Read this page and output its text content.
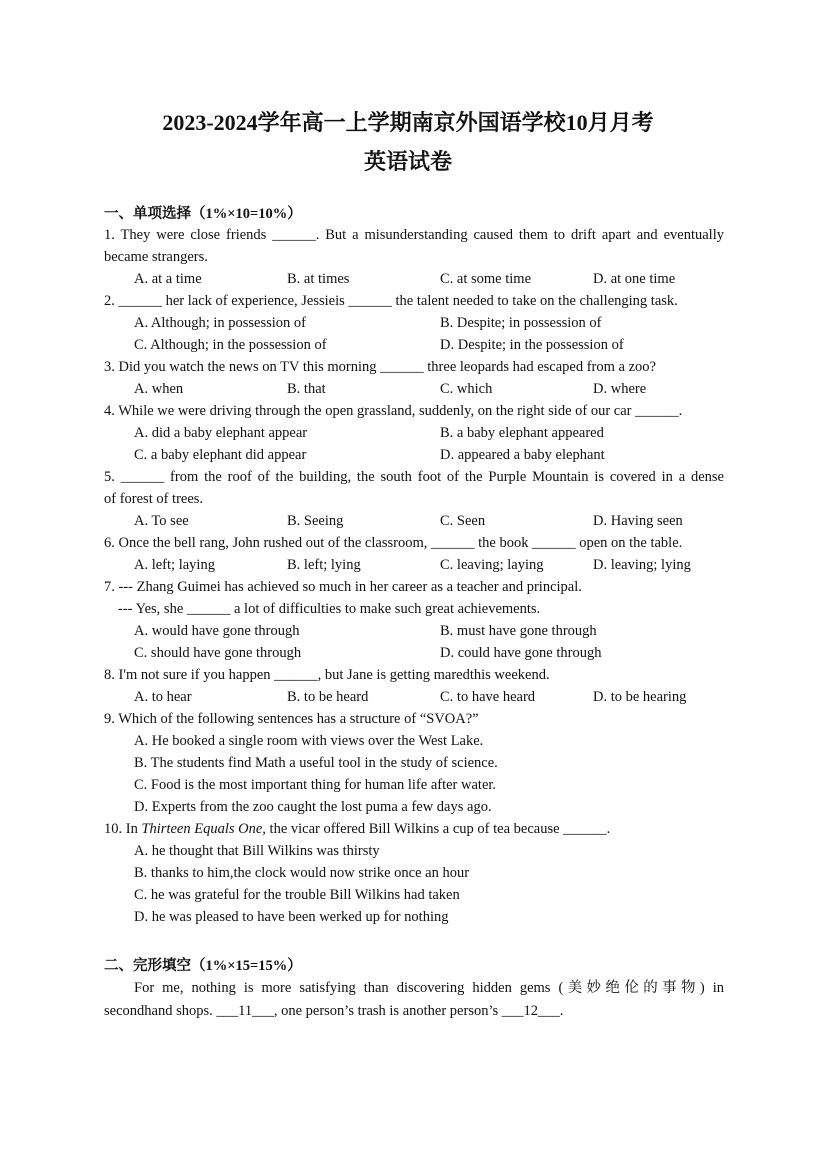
2023-2024学年高一上学期南京外国语学校10月月考
英语试卷
一、单项选择（1%×10=10%）
1. They were close friends ______. But a misunderstanding caused them to drift apart and eventually
became strangers.
A. at a time	B. at times	C. at some time	D. at one time
2. ______ her lack of experience, Jessieis ______ the talent needed to take on the challenging task.
A. Although; in possession of	B. Despite; in possession of
C. Although; in the possession of	D. Despite; in the possession of
3. Did you watch the news on TV this morning ______ three leopards had escaped from a zoo?
A. when	B. that	C. which	D. where
4. While we were driving through the open grassland, suddenly, on the right side of our car ______.
A. did a baby elephant appear	B. a baby elephant appeared
C. a baby elephant did appear	D. appeared a baby elephant
5. ______ from the roof of the building, the south foot of the Purple Mountain is covered in a dense
of forest of trees.
A. To see	B. Seeing	C. Seen	D. Having seen
6. Once the bell rang, John rushed out of the classroom, ______ the book ______ open on the table.
A. left; laying	B. left; lying	C. leaving; laying	D. leaving; lying
7. --- Zhang Guimei has achieved so much in her career as a teacher and principal.
--- Yes, she ______ a lot of difficulties to make such great achievements.
A. would have gone through	B. must have gone through
C. should have gone through	D. could have gone through
8. I'm not sure if you happen ______, but Jane is getting maredthis weekend.
A. to hear	B. to be heard	C. to have heard	D. to be hearing
9. Which of the following sentences has a structure of “SVOA?”
A. He booked a single room with views over the West Lake.
B. The students find Math a useful tool in the study of science.
C. Food is the most important thing for human life after water.
D. Experts from the zoo caught the lost puma a few days ago.
10. In Thirteen Equals One, the vicar offered Bill Wilkins a cup of tea because ______.
A. he thought that Bill Wilkins was thirsty
B. thanks to him,the clock would now strike once an hour
C. he was grateful for the trouble Bill Wilkins had taken
D. he was pleased to have been werked up for nothing
二、完形填空（1%×15=15%）
For me, nothing is more satisfying than discovering hidden gems (美妙绝伦的事物) in
secondhand shops. ___11___, one person’s trash is another person’s ___12___.
